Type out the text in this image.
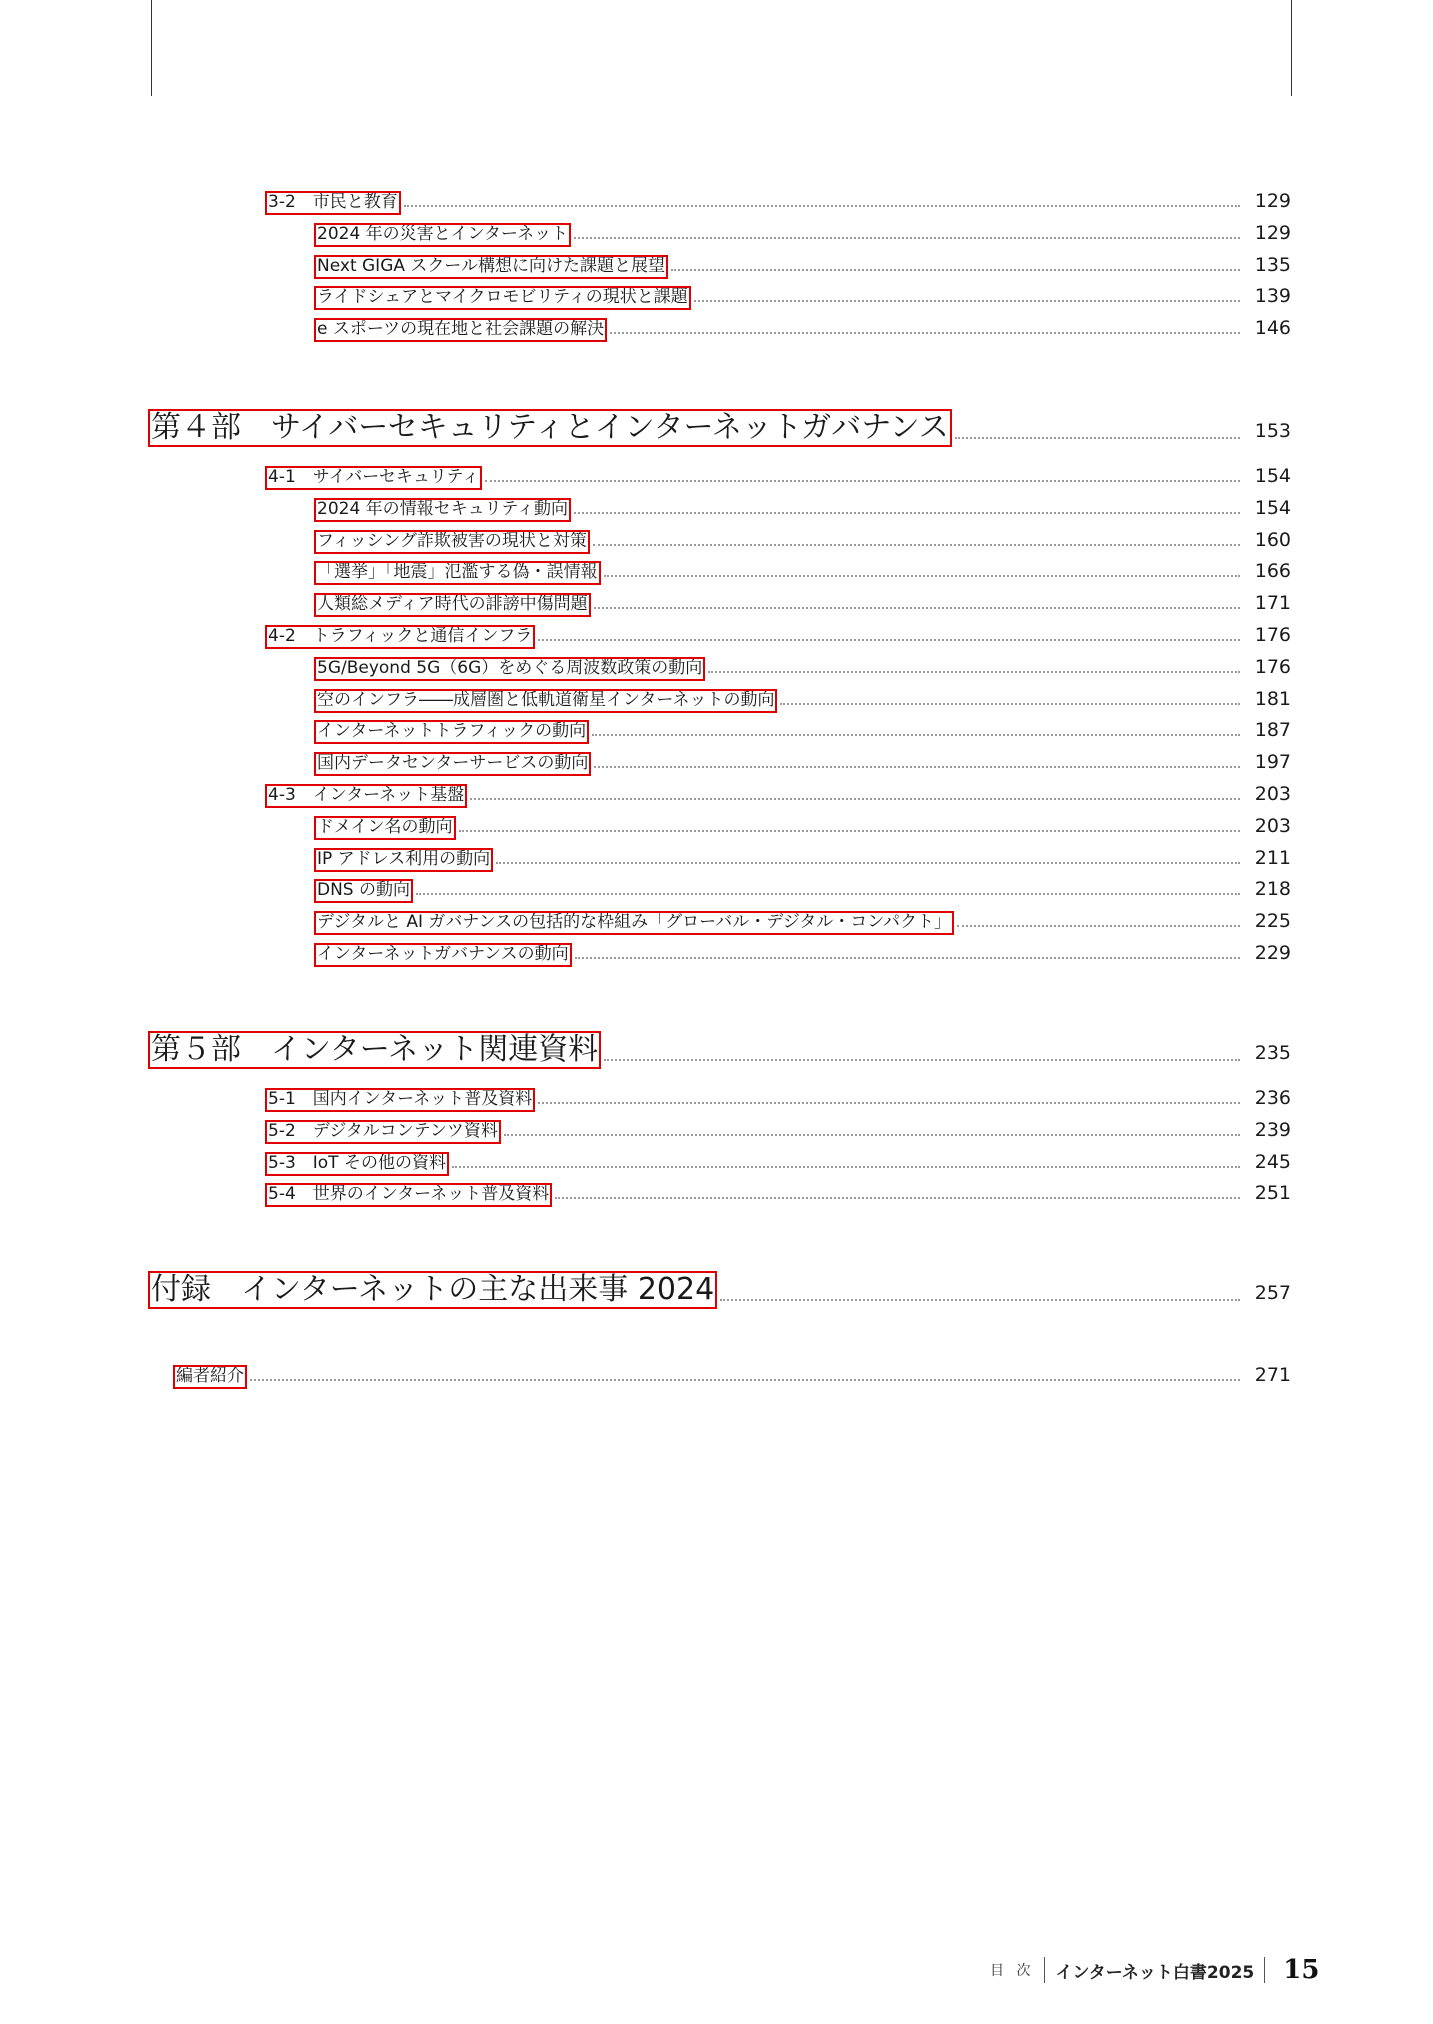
3-2　市民と教育	129
2024 年の災害とインターネット	129
Next GIGA スクール構想に向けた課題と展望	135
ライドシェアとマイクロモビリティの現状と課題	139
e スポーツの現在地と社会課題の解決	146
第４部　サイバーセキュリティとインターネットガバナンス	153
4-1　サイバーセキュリティ	154
2024 年の情報セキュリティ動向	154
フィッシング詐欺被害の現状と対策	160
「選挙」「地震」氾濫する偽・誤情報	166
人類総メディア時代の誹謗中傷問題	171
4-2　トラフィックと通信インフラ	176
5G/Beyond 5G（6G）をめぐる周波数政策の動向	176
空のインフラ――成層圏と低軌道衛星インターネットの動向	181
インターネットトラフィックの動向	187
国内データセンターサービスの動向	197
4-3　インターネット基盤	203
ドメイン名の動向	203
IP アドレス利用の動向	211
DNS の動向	218
デジタルと AI ガバナンスの包括的な枠組み「グローバル・デジタル・コンパクト」	225
インターネットガバナンスの動向	229
第５部　インターネット関連資料	235
5-1　国内インターネット普及資料	236
5-2　デジタルコンテンツ資料	239
5-3　IoT その他の資料	245
5-4　世界のインターネット普及資料	251
付録　インターネットの主な出来事 2024	257
編者紹介	271
目 次 インターネット白書2025	15
